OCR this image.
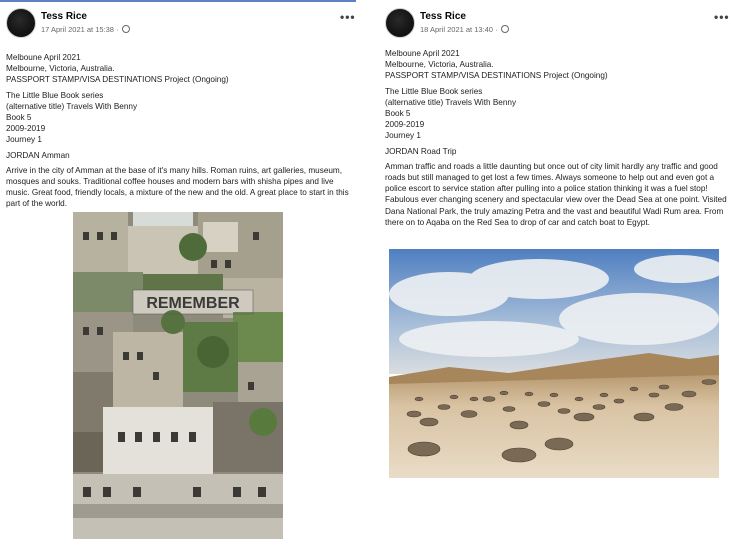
Tess Rice
17 April 2021 at 15:38 ·
•••

Melboune April 2021

Melbourne, Victoria, Australia.

PASSPORT STAMP/VISA DESTINATIONS Project (Ongoing)

The Little Blue Book series

(alternative title) Travels With Benny

Book 5

2009-2019

Journey 1

JORDAN Amman

Arrive in the city of Amman at the base of it's many hills. Roman ruins, art galleries, museum, mosques and souks. Traditional coffee houses and modern bars with shisha pipes and live music. Great food, friendly locals, a mixture of the new and the old. A great place to start in this part of the world.

REMEMBER
Tess Rice
18 April 2021 at 13:40 ·
•••

Melboune April 2021

Melbourne, Victoria, Australia.

PASSPORT STAMP/VISA DESTINATIONS Project (Ongoing)

The Little Blue Book series

(alternative title) Travels With Benny

Book 5

2009-2019

Journey 1

JORDAN Road Trip

Amman traffic and roads a little daunting but once out of city limit hardly any traffic and good roads but still managed to get lost a few times. Always someone to help out and even got a police escort to service station after pulling into a police station thinking it was a fuel stop!

Fabulous ever changing scenery and spectacular view over the Dead Sea at one point. Visited Dana National Park, the truly amazing Petra and the vast and beautiful Wadi Rum area. From there on to Aqaba on the Red Sea to drop of car and catch boat to Egypt.
